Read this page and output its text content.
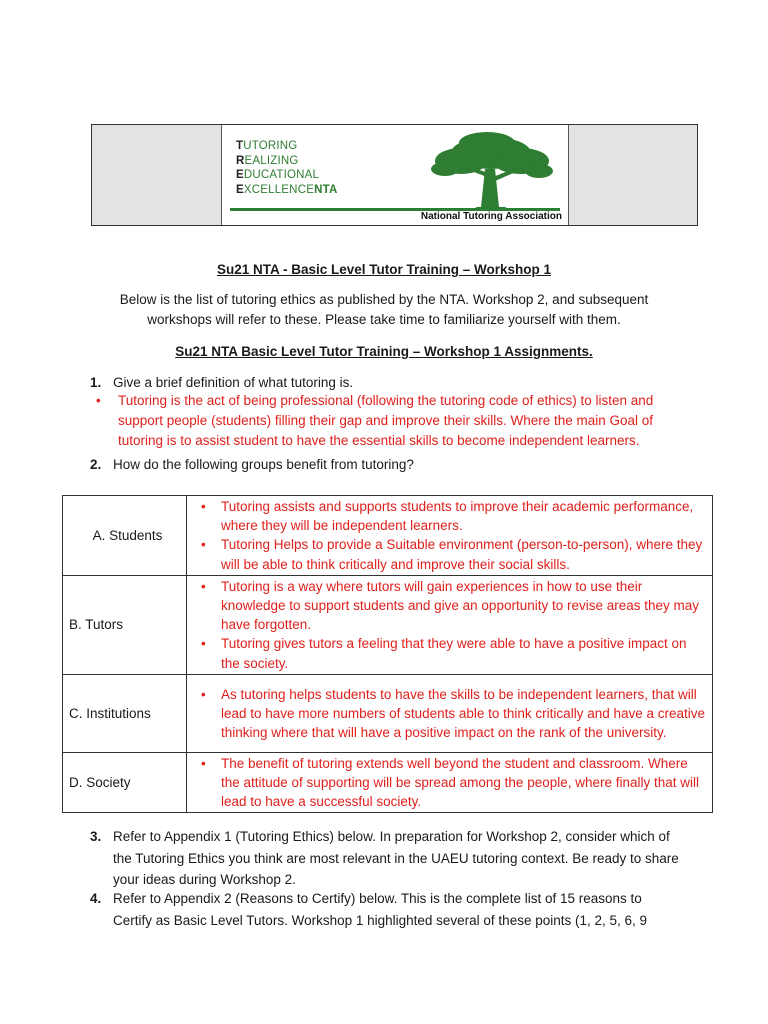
TUTORING
REALIZING
EDUCATIONAL
EXCELLENCENTA
National Tutoring Association
Su21 NTA - Basic Level Tutor Training – Workshop 1
Below is the list of tutoring ethics as published by the NTA. Workshop 2, and subsequent workshops will refer to these. Please take time to familiarize yourself with them.
Su21 NTA Basic Level Tutor Training – Workshop 1 Assignments.
1. Give a brief definition of what tutoring is.
• Tutoring is the act of being professional (following the tutoring code of ethics) to listen and support people (students) filling their gap and improve their skills. Where the main Goal of tutoring is to assist student to have the essential skills to become independent learners.
2. How do the following groups benefit from tutoring?
A. Students	• Tutoring assists and supports students to improve their academic performance, where they will be independent learners.
• Tutoring Helps to provide a Suitable environment (person-to-person), where they will be able to think critically and improve their social skills.

B. Tutors	• Tutoring is a way where tutors will gain experiences in how to use their knowledge to support students and give an opportunity to revise areas they may have forgotten.
• Tutoring gives tutors a feeling that they were able to have a positive impact on the society.

C. Institutions	• As tutoring helps students to have the skills to be independent learners, that will lead to have more numbers of students able to think critically and have a creative thinking where that will have a positive impact on the rank of the university.

D. Society	• The benefit of tutoring extends well beyond the student and classroom. Where the attitude of supporting will be spread among the people, where finally that will lead to have a successful society.
3. Refer to Appendix 1 (Tutoring Ethics) below. In preparation for Workshop 2, consider which of the Tutoring Ethics you think are most relevant in the UAEU tutoring context. Be ready to share your ideas during Workshop 2.
4. Refer to Appendix 2 (Reasons to Certify) below. This is the complete list of 15 reasons to Certify as Basic Level Tutors. Workshop 1 highlighted several of these points (1, 2, 5, 6, 9
